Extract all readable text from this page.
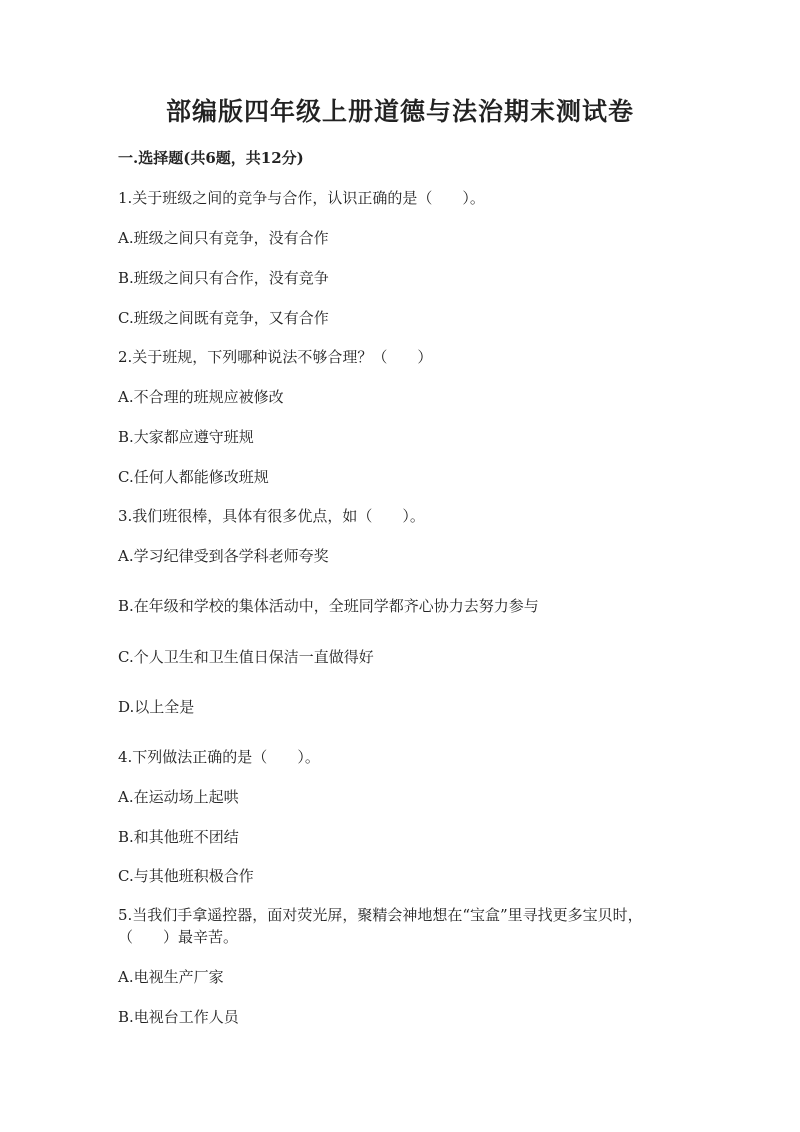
部编版四年级上册道德与法治期末测试卷
一.选择题(共6题，共12分)
1.关于班级之间的竞争与合作，认识正确的是（　　）。
A.班级之间只有竞争，没有合作
B.班级之间只有合作，没有竞争
C.班级之间既有竞争，又有合作
2.关于班规，下列哪种说法不够合理？（　　）
A.不合理的班规应被修改
B.大家都应遵守班规
C.任何人都能修改班规
3.我们班很棒，具体有很多优点，如（　　）。
A.学习纪律受到各学科老师夸奖
B.在年级和学校的集体活动中，全班同学都齐心协力去努力参与
C.个人卫生和卫生值日保洁一直做得好
D.以上全是
4.下列做法正确的是（　　）。
A.在运动场上起哄
B.和其他班不团结
C.与其他班积极合作
5.当我们手拿遥控器，面对荧光屏，聚精会神地想在“宝盒”里寻找更多宝贝时，（　　）最辛苦。
A.电视生产厂家
B.电视台工作人员
